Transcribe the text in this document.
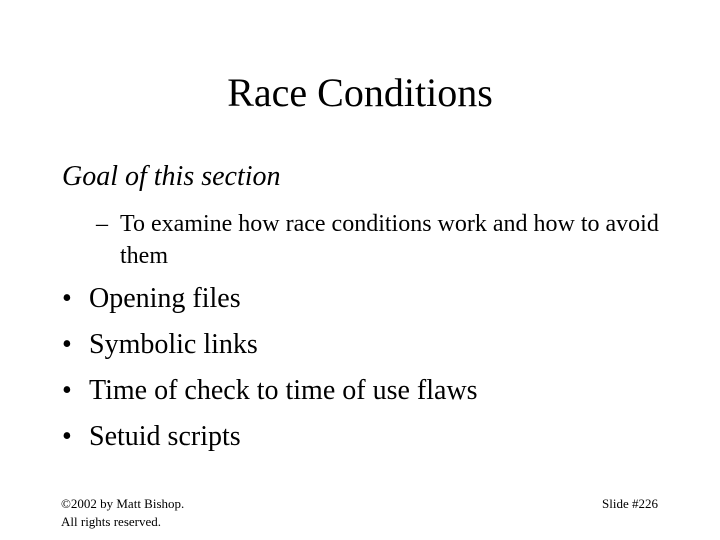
Race Conditions
Goal of this section
– To examine how race conditions work and how to avoid them
• Opening files
• Symbolic links
• Time of check to time of use flaws
• Setuid scripts
©2002 by Matt Bishop.
All rights reserved.
Slide #226
